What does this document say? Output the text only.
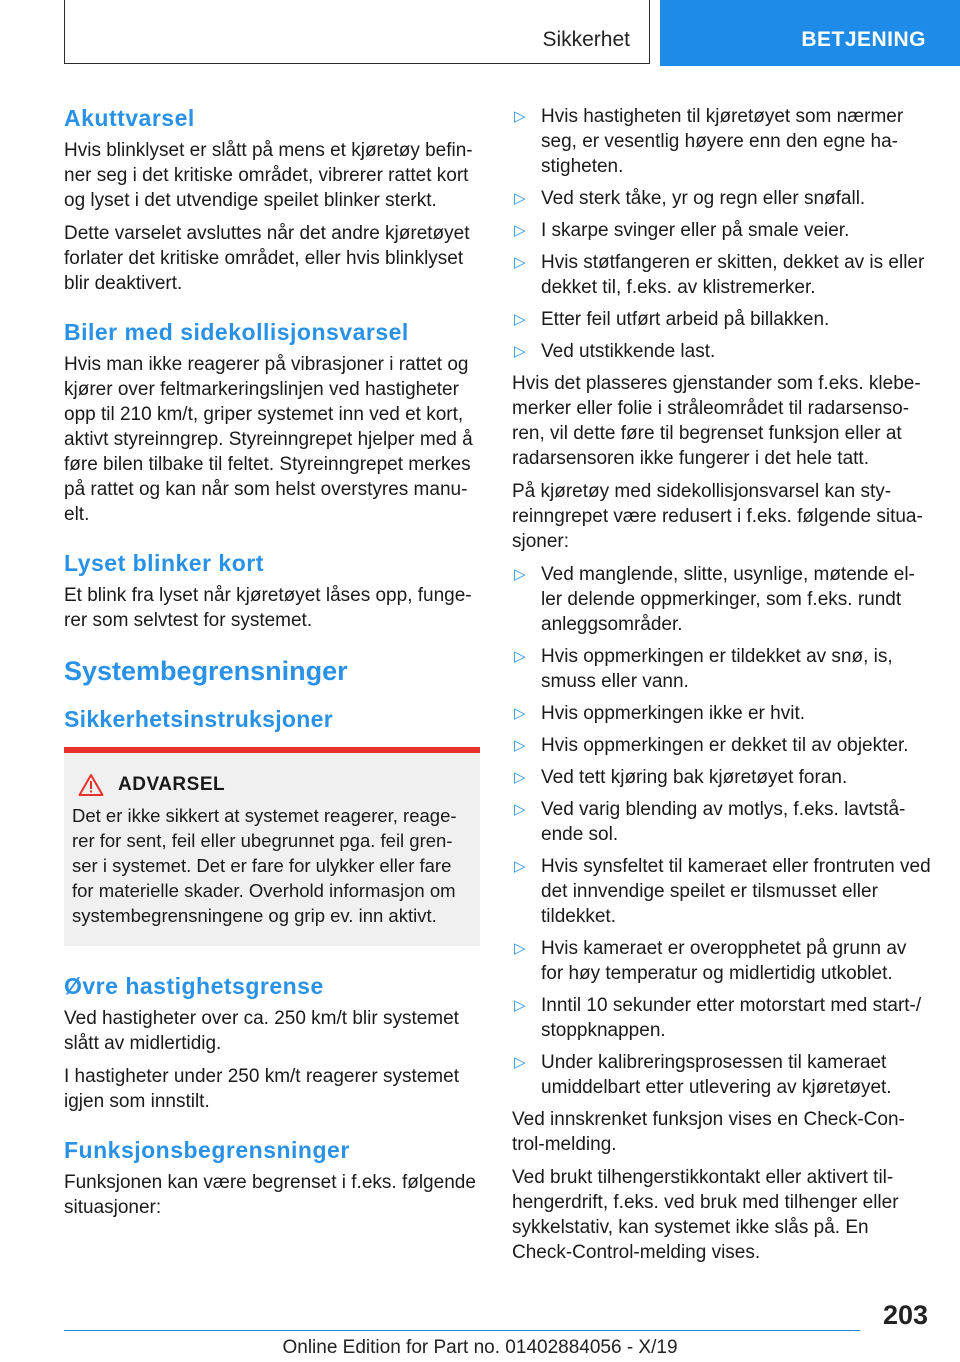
Sikkerhet	BETJENING
Akuttvarsel

Hvis blinklyset er slått på mens et kjøretøy befin-ner seg i det kritiske området, vibrerer rattet kort og lyset i det utvendige speilet blinker sterkt.

Dette varselet avsluttes når det andre kjøretøyet forlater det kritiske området, eller hvis blinklyset blir deaktivert.

Biler med sidekollisjonsvarsel

Hvis man ikke reagerer på vibrasjoner i rattet og kjører over feltmarkeringslinjen ved hastigheter opp til 210 km/t, griper systemet inn ved et kort, aktivt styreinngrep. Styreinngrepet hjelper med å føre bilen tilbake til feltet. Styreinngrepet merkes på rattet og kan når som helst overstyres manu-elt.

Lyset blinker kort

Et blink fra lyset når kjøretøyet låses opp, funge-rer som selvtest for systemet.

Systembegrensninger
Sikkerhetsinstruksjoner
ADVARSEL
Det er ikke sikkert at systemet reagerer, reage-rer for sent, feil eller ubegrunnet pga. feil gren-ser i systemet. Det er fare for ulykker eller fare for materielle skader. Overhold informasjon om systembegrensningene og grip ev. inn aktivt.
Øvre hastighetsgrense

Ved hastigheter over ca. 250 km/t blir systemet slått av midlertidig.

I hastigheter under 250 km/t reagerer systemet igjen som innstilt.

Funksjonsbegrensninger

Funksjonen kan være begrenset i f.eks. følgende situasjoner:

▷ Hvis hastigheten til kjøretøyet som nærmer seg, er vesentlig høyere enn den egne ha-stigheten.
▷ Ved sterk tåke, yr og regn eller snøfall.
▷ I skarpe svinger eller på smale veier.
▷ Hvis støtfangeren er skitten, dekket av is eller dekket til, f.eks. av klistremerker.
▷ Etter feil utført arbeid på billakken.
▷ Ved utstikkende last.

Hvis det plasseres gjenstander som f.eks. klebe-merker eller folie i stråleområdet til radarsenso-ren, vil dette føre til begrenset funksjon eller at radarsensoren ikke fungerer i det hele tatt.

På kjøretøy med sidekollisjonsvarsel kan sty-reinngrepet være redusert i f.eks. følgende situa-sjoner:

▷ Ved manglende, slitte, usynlige, møtende el-ler delende oppmerkinger, som f.eks. rundt anleggsområder.
▷ Hvis oppmerkingen er tildekket av snø, is, smuss eller vann.
▷ Hvis oppmerkingen ikke er hvit.
▷ Hvis oppmerkingen er dekket til av objekter.
▷ Ved tett kjøring bak kjøretøyet foran.
▷ Ved varig blending av motlys, f.eks. lavtstå-ende sol.
▷ Hvis synsfeltet til kameraet eller frontruten ved det innvendige speilet er tilsmusset eller tildekket.
▷ Hvis kameraet er overopphetet på grunn av for høy temperatur og midlertidig utkoblet.
▷ Inntil 10 sekunder etter motorstart med start-/ stoppknappen.
▷ Under kalibreringsprosessen til kameraet umiddelbart etter utlevering av kjøretøyet.

Ved innskrenket funksjon vises en Check-Con-trol-melding.

Ved brukt tilhengerstikkontakt eller aktivert til-hengerdrift, f.eks. ved bruk med tilhenger eller sykkelstativ, kan systemet ikke slås på. En Check-Control-melding vises.

203
Online Edition for Part no. 01402884056 - X/19
